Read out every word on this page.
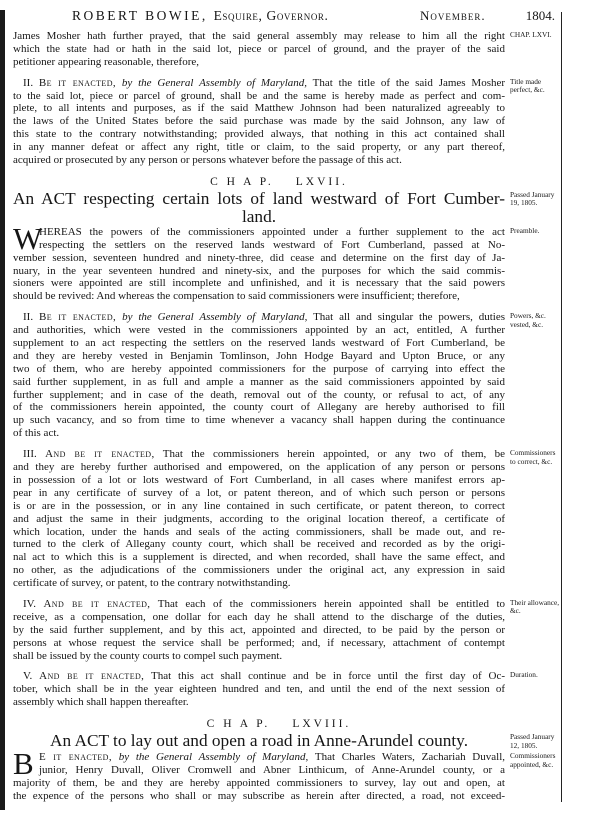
ROBERT BOWIE, Esquire, Governor.	November.	1804.
James Mosher hath further prayed, that the said general assembly may release to him all the right
which the state had or hath in the said lot, piece or parcel of ground, and the prayer of the said
petitioner appearing reasonable, therefore,
CHAP. LXVI.
II. Be it enacted, by the General Assembly of Maryland, That the title of the said James Mosher
to the said lot, piece or parcel of ground, shall be and the same is hereby made as perfect and com-
plete, to all intents and purposes, as if the said Matthew Johnson had been naturalized agreeably to
the laws of the United States before the said purchase was made by the said Johnson, any law of
this state to the contrary notwithstanding; provided always, that nothing in this act contained shall
in any manner defeat or affect any right, title or claim, to the said property, or any part thereof,
acquired or prosecuted by any person or persons whatever before the passage of this act.
Title made perfect, &c.
C H A P. LXVII.
An ACT respecting certain lots of land westward of Fort Cumber-
land.
Passed January 19, 1805.
W
HEREAS the powers of the commissioners appointed under a further supplement to the act
respecting the settlers on the reserved lands westward of Fort Cumberland, passed at No-
vember session, seventeen hundred and ninety-three, did cease and determine on the first day of Ja-
nuary, in the year seventeen hundred and ninety-six, and the purposes for which the said commis-
sioners were appointed are still incomplete and unfinished, and it is necessary that the said powers
should be revived: And whereas the compensation to said commissioners were insufficient; therefore,
Preamble.
II. Be it enacted, by the General Assembly of Maryland, That all and singular the powers, duties
and authorities, which were vested in the commissioners appointed by an act, entitled, A further
supplement to an act respecting the settlers on the reserved lands westward of Fort Cumberland, be
and they are hereby vested in Benjamin Tomlinson, John Hodge Bayard and Upton Bruce, or any
two of them, who are hereby appointed commissioners for the purpose of carrying into effect the
said further supplement, in as full and ample a manner as the said commissioners appointed by said
further supplement; and in case of the death, removal out of the county, or refusal to act, of any
of the commissioners herein appointed, the county court of Allegany are hereby authorised to fill
up such vacancy, and so from time to time whenever a vacancy shall happen during the continuance
of this act.
Powers, &c. vested, &c.
III. And be it enacted, That the commissioners herein appointed, or any two of them, be
and they are hereby further authorised and empowered, on the application of any person or persons
in possession of a lot or lots westward of Fort Cumberland, in all cases where manifest errors ap-
pear in any certificate of survey of a lot, or patent thereon, and of which such person or persons
is or are in the possession, or in any line contained in such certificate, or patent thereon, to correct
and adjust the same in their judgments, according to the original location thereof, a certificate of
which location, under the hands and seals of the acting commissioners, shall be made out, and re-
turned to the clerk of Allegany county court, which shall be received and recorded as by the origi-
nal act to which this is a supplement is directed, and when recorded, shall have the same effect, and
no other, as the adjudications of the commissioners under the original act, any expression in said
certificate of survey, or patent, to the contrary notwithstanding.
Commissioners to correct, &c.
IV. And be it enacted, That each of the commissioners herein appointed shall be entitled to
receive, as a compensation, one dollar for each day he shall attend to the discharge of the duties,
by the said further supplement, and by this act, appointed and directed, to be paid by the person or
persons at whose request the service shall be performed; and, if necessary, attachment of contempt
shall be issued by the county courts to compel such payment.
Their allowance, &c.
V. And be it enacted, That this act shall continue and be in force until the first day of Oc-
tober, which shall be in the year eighteen hundred and ten, and until the end of the next session of
assembly which shall happen thereafter.
Duration.
C H A P. LXVIII.
An ACT to lay out and open a road in Anne-Arundel county.	Passed January 12, 1805.
B E it enacted, by the General Assembly of Maryland, That Charles Waters, Zachariah Duvall,
junior, Henry Duvall, Oliver Cromwell and Abner Linthicum, of Anne-Arundel county, or a
majority of them, be and they are hereby appointed commissioners to survey, lay out and open, at
the expence of the persons who shall or may subscribe as herein after directed, a road, not exceed-
Commissioners appointed, &c.
